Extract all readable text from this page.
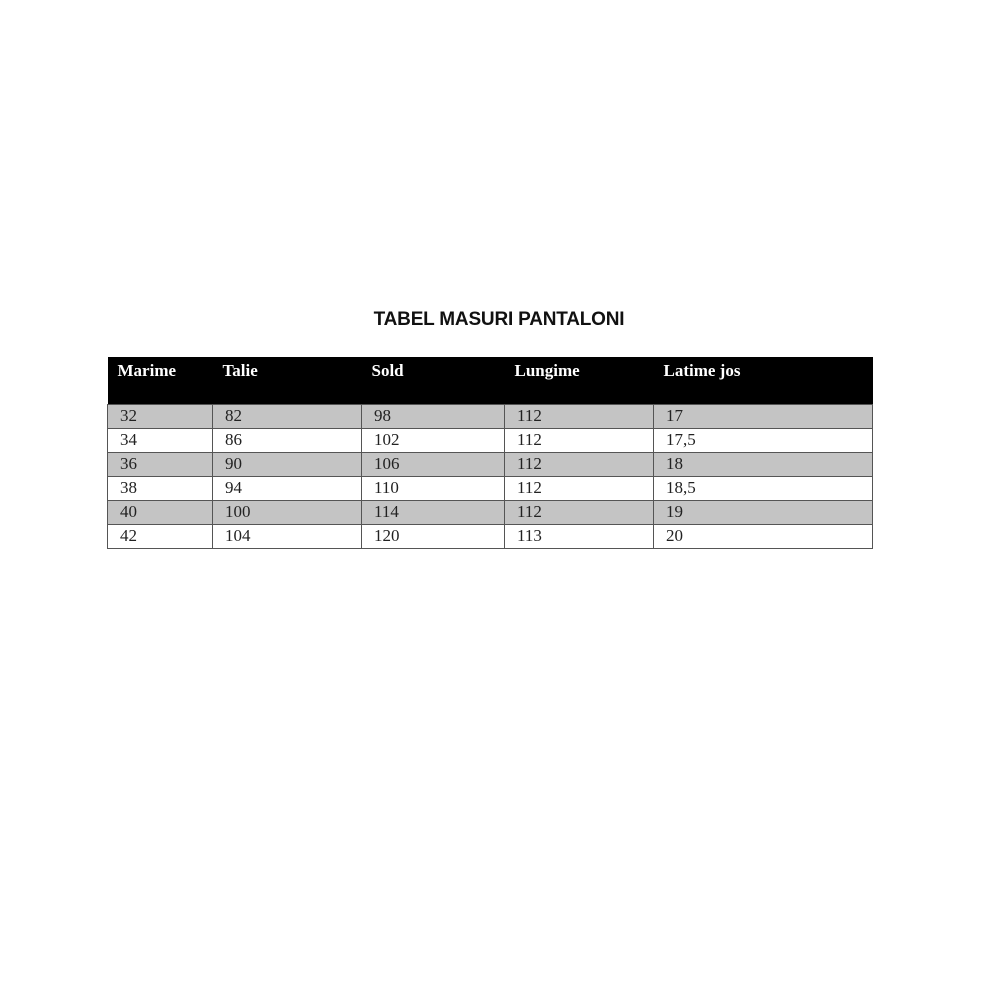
TABEL MASURI PANTALONI
Marime	Talie	Sold	Lungime	Latime jos
32	82	98	112	17
34	86	102	112	17,5
36	90	106	112	18
38	94	110	112	18,5
40	100	114	112	19
42	104	120	113	20
